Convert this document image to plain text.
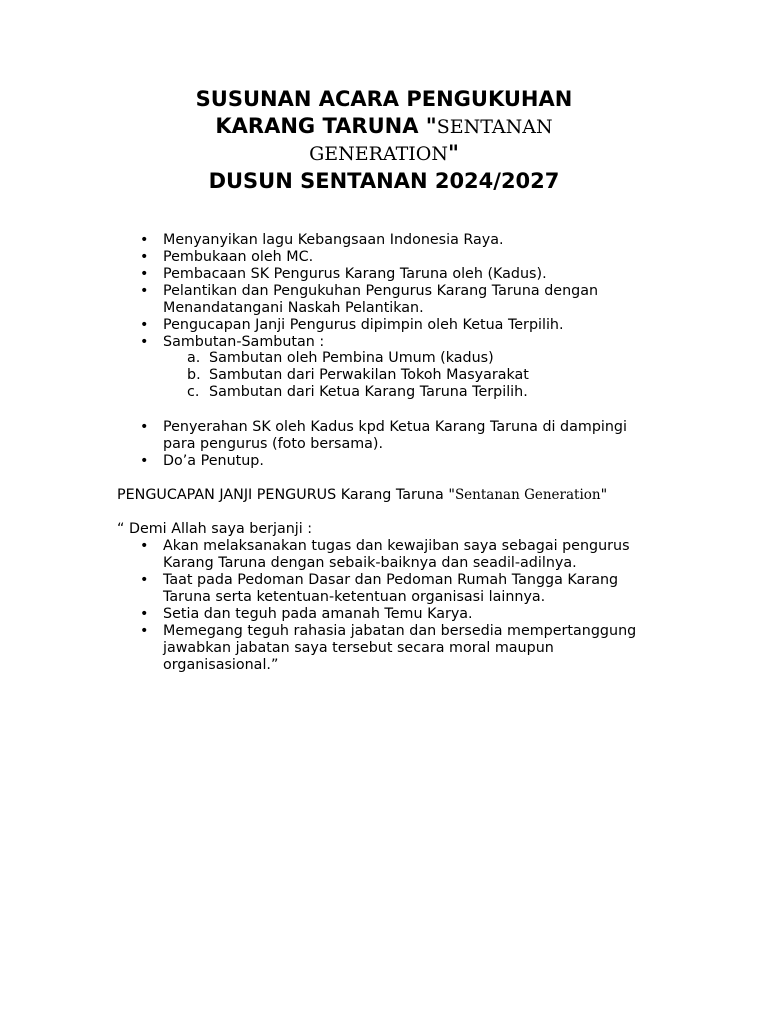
SUSUNAN ACARA PENGUKUHAN
KARANG TARUNA "SENTANAN
GENERATION"
DUSUN SENTANAN 2024/2027
• Menyanyikan lagu Kebangsaan Indonesia Raya.
• Pembukaan oleh MC.
• Pembacaan SK Pengurus Karang Taruna oleh (Kadus).
• Pelantikan dan Pengukuhan Pengurus Karang Taruna dengan Menandatangani Naskah Pelantikan.
• Pengucapan Janji Pengurus dipimpin oleh Ketua Terpilih.
• Sambutan-Sambutan :
a. Sambutan oleh Pembina Umum (kadus)
b. Sambutan dari Perwakilan Tokoh Masyarakat
c. Sambutan dari Ketua Karang Taruna Terpilih.
• Penyerahan SK oleh Kadus kpd Ketua Karang Taruna di dampingi para pengurus (foto bersama).
• Do’a Penutup.
PENGUCAPAN JANJI PENGURUS Karang Taruna "Sentanan Generation"
“ Demi Allah saya berjanji :
• Akan melaksanakan tugas dan kewajiban saya sebagai pengurus Karang Taruna dengan sebaik-baiknya dan seadil-adilnya.
• Taat pada Pedoman Dasar dan Pedoman Rumah Tangga Karang Taruna serta ketentuan-ketentuan organisasi lainnya.
• Setia dan teguh pada amanah Temu Karya.
• Memegang teguh rahasia jabatan dan bersedia mempertanggung jawabkan jabatan saya tersebut secara moral maupun organisasional.”
